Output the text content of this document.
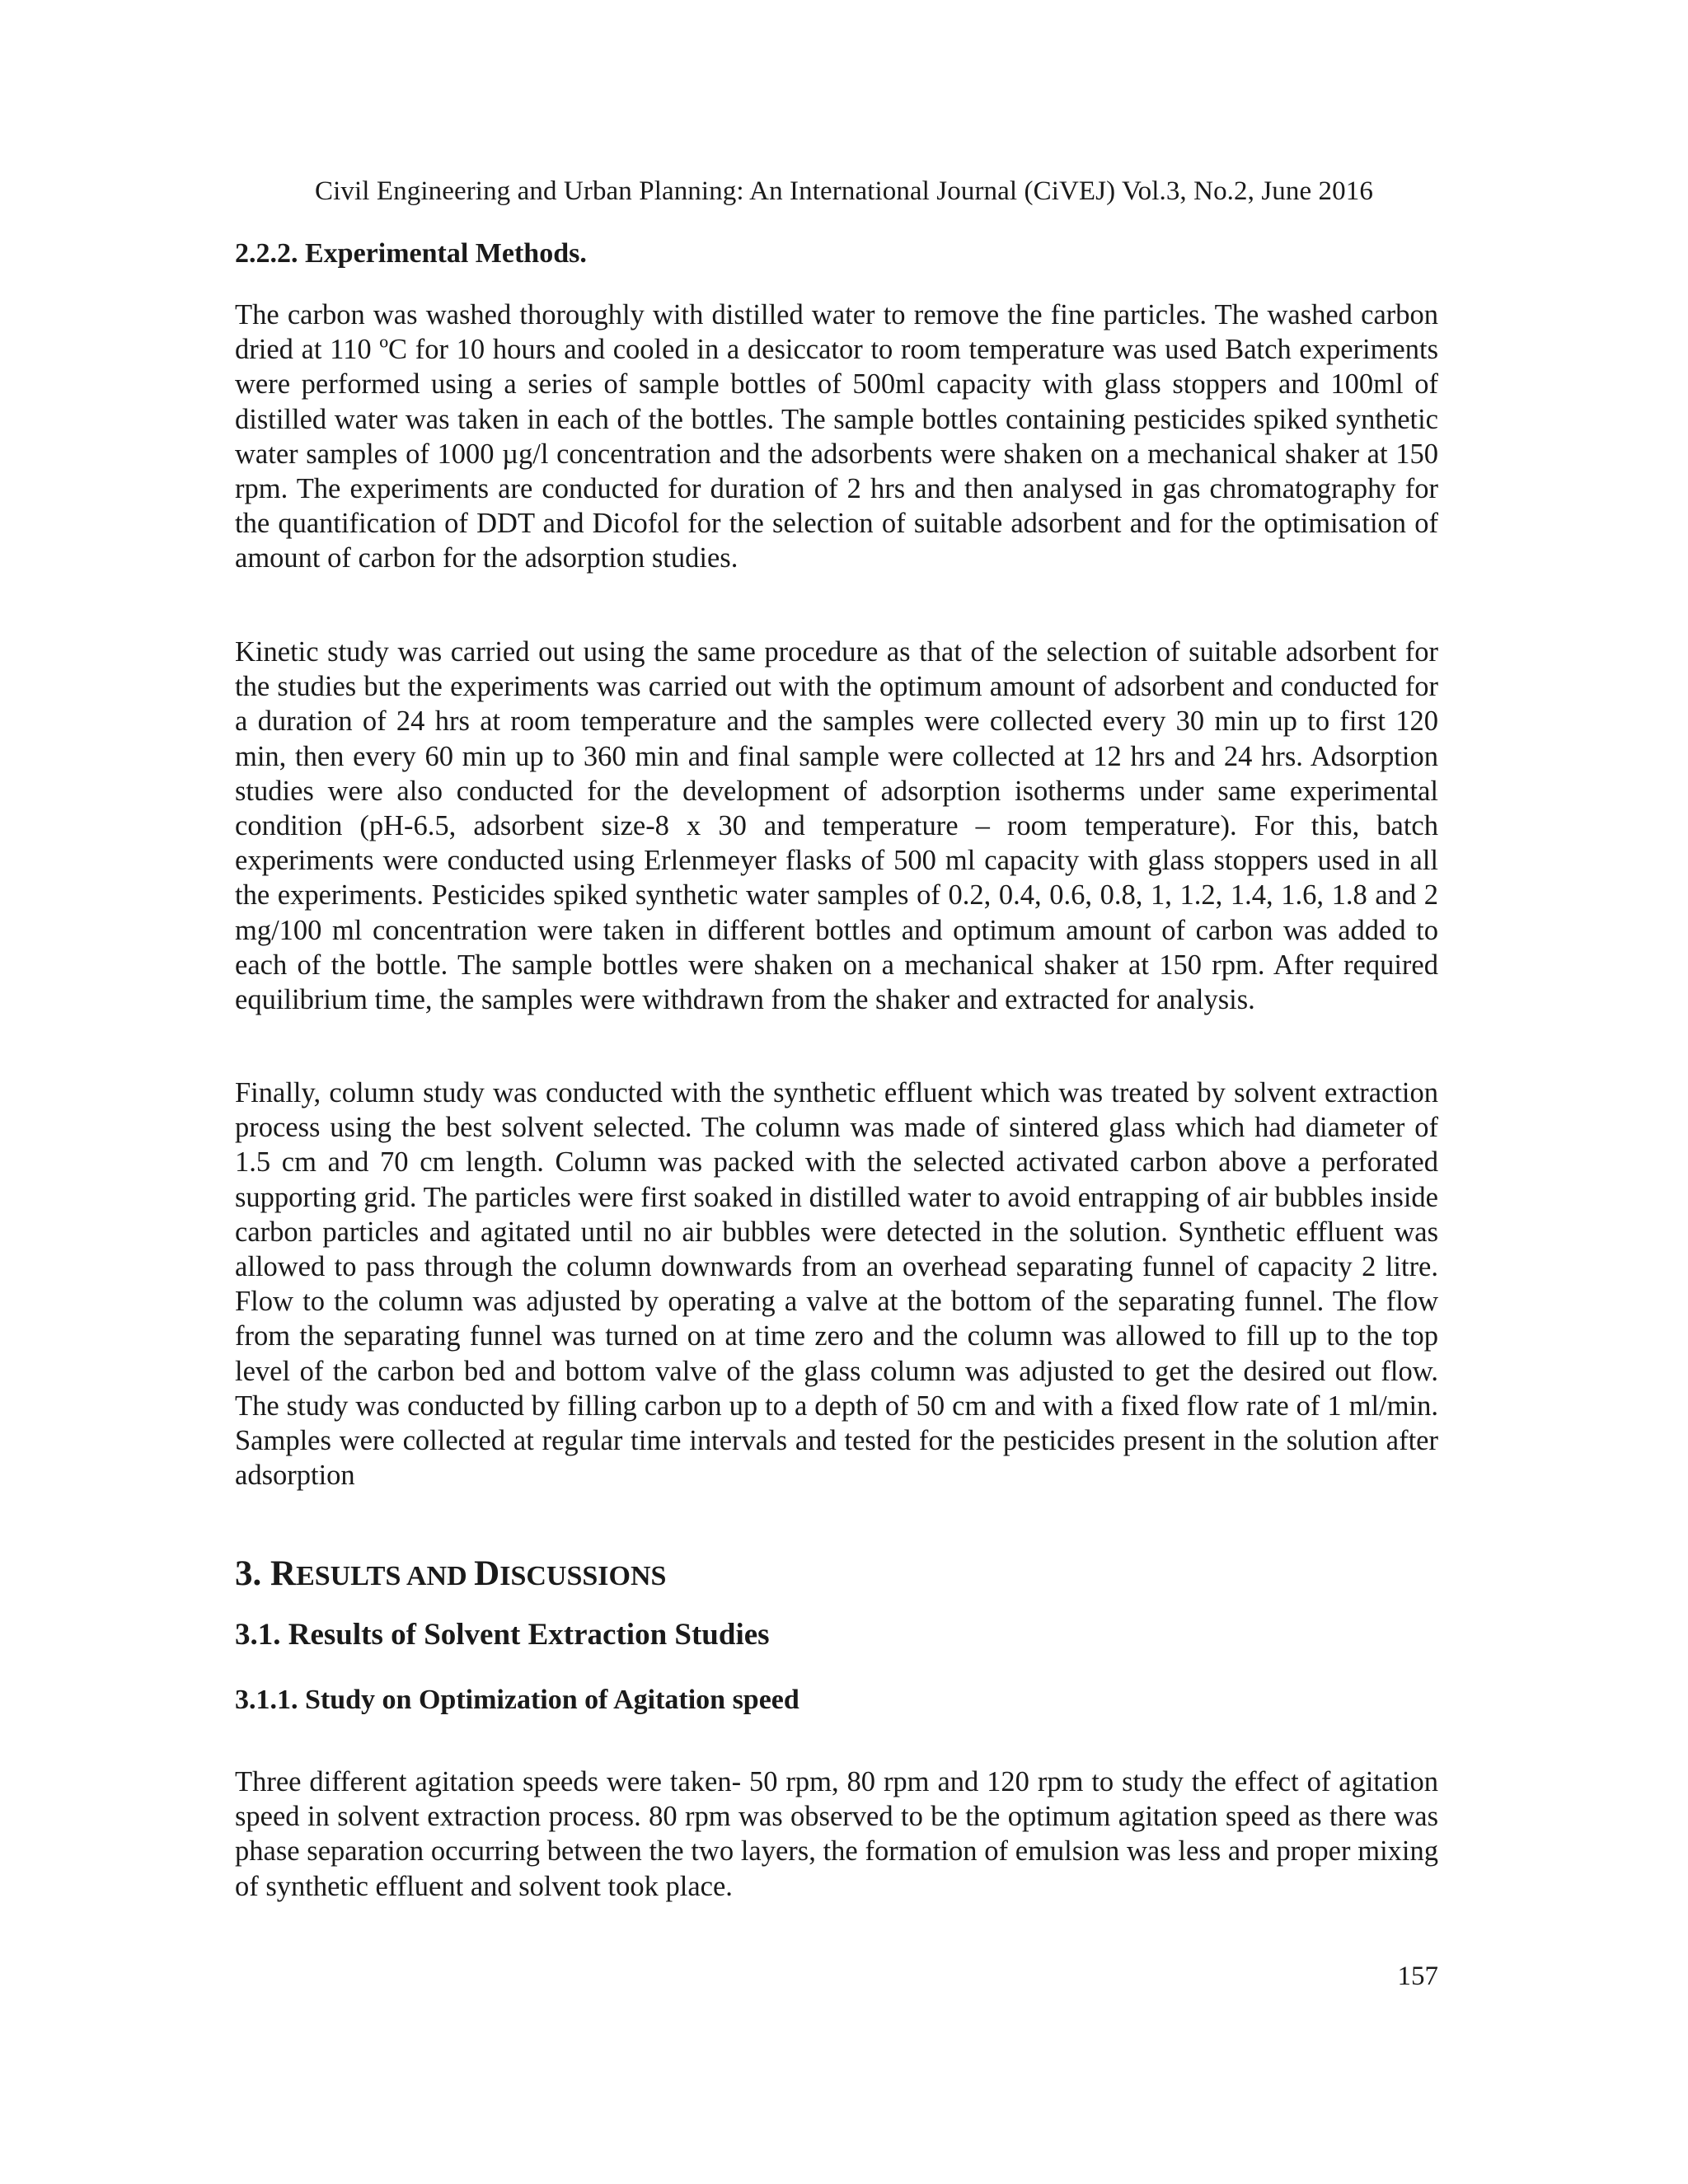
Civil Engineering and Urban Planning: An International Journal (CiVEJ) Vol.3, No.2, June 2016

2.2.2. Experimental Methods.

The carbon was washed thoroughly with distilled water to remove the fine particles. The washed carbon dried at 110 ºC for 10 hours and cooled in a desiccator to room temperature was used Batch experiments were performed using a series of sample bottles of 500ml capacity with glass stoppers and 100ml of distilled water was taken in each of the bottles. The sample bottles containing pesticides spiked synthetic water samples of 1000 µg/l concentration and the adsorbents were shaken on a mechanical shaker at 150 rpm. The experiments are conducted for duration of 2 hrs and then analysed in gas chromatography for the quantification of DDT and Dicofol for the selection of suitable adsorbent and for the optimisation of amount of carbon for the adsorption studies.

Kinetic study was carried out using the same procedure as that of the selection of suitable adsorbent for the studies but the experiments was carried out with the optimum amount of adsorbent and conducted for a duration of 24 hrs at room temperature and the samples were collected every 30 min up to first 120 min, then every 60 min up to 360 min and final sample were collected at 12 hrs and 24 hrs. Adsorption studies were also conducted for the development of adsorption isotherms under same experimental condition (pH-6.5, adsorbent size-8 x 30 and temperature – room temperature). For this, batch experiments were conducted using Erlenmeyer flasks of 500 ml capacity with glass stoppers used in all the experiments. Pesticides spiked synthetic water samples of 0.2, 0.4, 0.6, 0.8, 1, 1.2, 1.4, 1.6, 1.8 and 2 mg/100 ml concentration were taken in different bottles and optimum amount of carbon was added to each of the bottle. The sample bottles were shaken on a mechanical shaker at 150 rpm. After required equilibrium time, the samples were withdrawn from the shaker and extracted for analysis.

Finally, column study was conducted with the synthetic effluent which was treated by solvent extraction process using the best solvent selected. The column was made of sintered glass which had diameter of 1.5 cm and 70 cm length. Column was packed with the selected activated carbon above a perforated supporting grid. The particles were first soaked in distilled water to avoid entrapping of air bubbles inside carbon particles and agitated until no air bubbles were detected in the solution. Synthetic effluent was allowed to pass through the column downwards from an overhead separating funnel of capacity 2 litre. Flow to the column was adjusted by operating a valve at the bottom of the separating funnel. The flow from the separating funnel was turned on at time zero and the column was allowed to fill up to the top level of the carbon bed and bottom valve of the glass column was adjusted to get the desired out flow. The study was conducted by filling carbon up to a depth of 50 cm and with a fixed flow rate of 1 ml/min. Samples were collected at regular time intervals and tested for the pesticides present in the solution after adsorption

3. RESULTS AND DISCUSSIONS

3.1. Results of Solvent Extraction Studies

3.1.1. Study on Optimization of Agitation speed

Three different agitation speeds were taken- 50 rpm, 80 rpm and 120 rpm to study the effect of agitation speed in solvent extraction process. 80 rpm was observed to be the optimum agitation speed as there was phase separation occurring between the two layers, the formation of emulsion was less and proper mixing of synthetic effluent and solvent took place.

157
